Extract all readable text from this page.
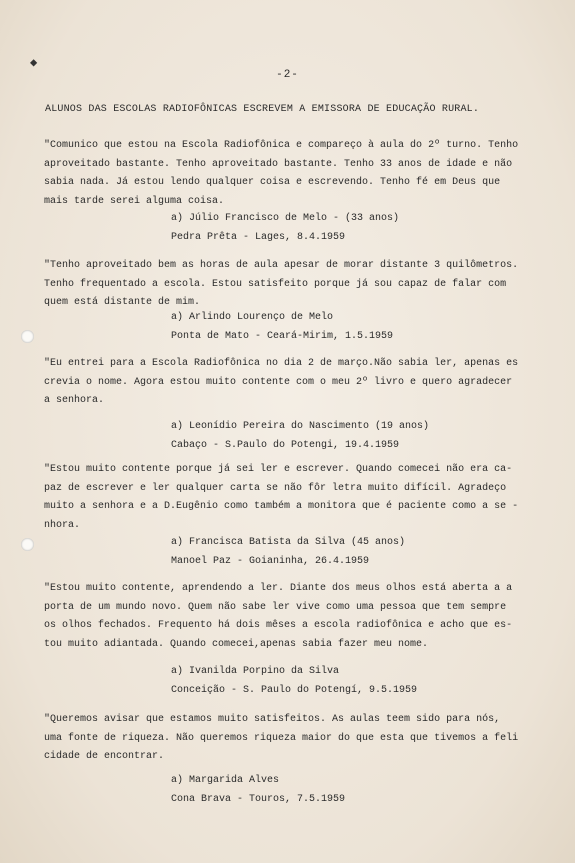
◆
-2-
ALUNOS DAS ESCOLAS RADIOFÔNICAS ESCREVEM A EMISSORA DE EDUCAÇÃO RURAL.
"Comunico que estou na Escola Radiofônica e compareço à aula do 2º turno. Tenho
aproveitado bastante. Tenho aproveitado bastante. Tenho 33 anos de idade e não
sabia nada. Já estou lendo qualquer coisa e escrevendo. Tenho fé em Deus que
mais tarde serei alguma coisa.
a) Júlio Francisco de Melo - (33 anos)
Pedra Prêta - Lages, 8.4.1959
"Tenho aproveitado bem as horas de aula apesar de morar distante 3 quilômetros.
Tenho frequentado a escola. Estou satisfeito porque já sou capaz de falar com
quem está distante de mim.
a) Arlindo Lourenço de Melo
Ponta de Mato - Ceará-Mirim, 1.5.1959
"Eu entrei para a Escola Radiofônica no dia 2 de março.Não sabia ler, apenas es
crevia o nome. Agora estou muito contente com o meu 2º livro e quero agradecer
a senhora.
a) Leonídio Pereira do Nascimento (19 anos)
Cabaço - S.Paulo do Potengi, 19.4.1959
"Estou muito contente porque já sei ler e escrever. Quando comecei não era ca-
paz de escrever e ler qualquer carta se não fôr letra muito difícil. Agradeço
muito a senhora e a D.Eugênio como também a monitora que é paciente como a se -
nhora.
a) Francisca Batista da Silva (45 anos)
Manoel Paz - Goianinha, 26.4.1959
"Estou muito contente, aprendendo a ler. Diante dos meus olhos está aberta a a
porta de um mundo novo. Quem não sabe ler vive como uma pessoa que tem sempre
os olhos fechados. Frequento há dois mêses a escola radiofônica e acho que es-
tou muito adiantada. Quando comecei,apenas sabia fazer meu nome.
a) Ivanilda Porpino da Silva
Conceição - S. Paulo do Potengí, 9.5.1959
"Queremos avisar que estamos muito satisfeitos. As aulas teem sido para nós,
uma fonte de riqueza. Não queremos riqueza maior do que esta que tivemos a feli
cidade de encontrar.
a) Margarida Alves
Cona Brava - Touros, 7.5.1959
